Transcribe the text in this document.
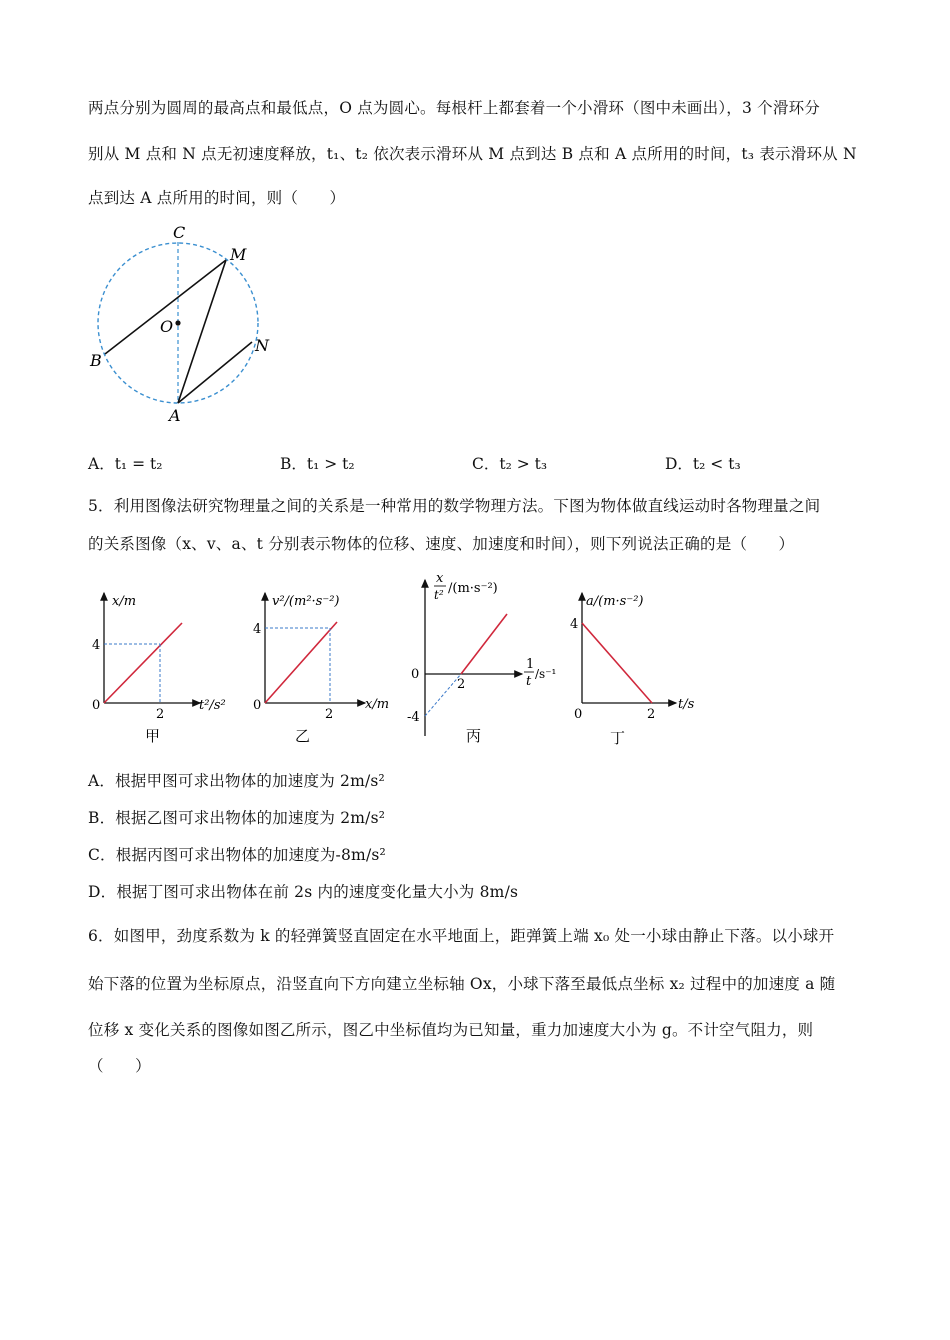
两点分别为圆周的最高点和最低点，O 点为圆心。每根杆上都套着一个小滑环（图中未画出），3 个滑环分
别从 M 点和 N 点无初速度释放，t₁、t₂ 依次表示滑环从 M 点到达 B 点和 A 点所用的时间，t₃ 表示滑环从 N
点到达 A 点所用的时间，则（　　）
C
M
O
B
N
A
A．t₁ = t₂	B．t₁ > t₂	C．t₂ > t₃	D．t₂ < t₃
5．利用图像法研究物理量之间的关系是一种常用的数学物理方法。下图为物体做直线运动时各物理量之间
的关系图像（x、v、a、t 分别表示物体的位移、速度、加速度和时间），则下列说法正确的是（　　）
x/m
t²/s²
0
4
2
甲
v²/(m²·s⁻²)
x/m
0
4
2
乙
x
t² /(m·s⁻²)
1
t /s⁻¹
0
-4
2
丙
a/(m·s⁻²)
t/s
0
4
2
丁
A．根据甲图可求出物体的加速度为 2m/s²
B．根据乙图可求出物体的加速度为 2m/s²
C．根据丙图可求出物体的加速度为-8m/s²
D．根据丁图可求出物体在前 2s 内的速度变化量大小为 8m/s
6．如图甲，劲度系数为 k 的轻弹簧竖直固定在水平地面上，距弹簧上端 x₀ 处一小球由静止下落。以小球开
始下落的位置为坐标原点，沿竖直向下方向建立坐标轴 Ox，小球下落至最低点坐标 x₂ 过程中的加速度 a 随
位移 x 变化关系的图像如图乙所示，图乙中坐标值均为已知量，重力加速度大小为 g。不计空气阻力，则
（　　）
